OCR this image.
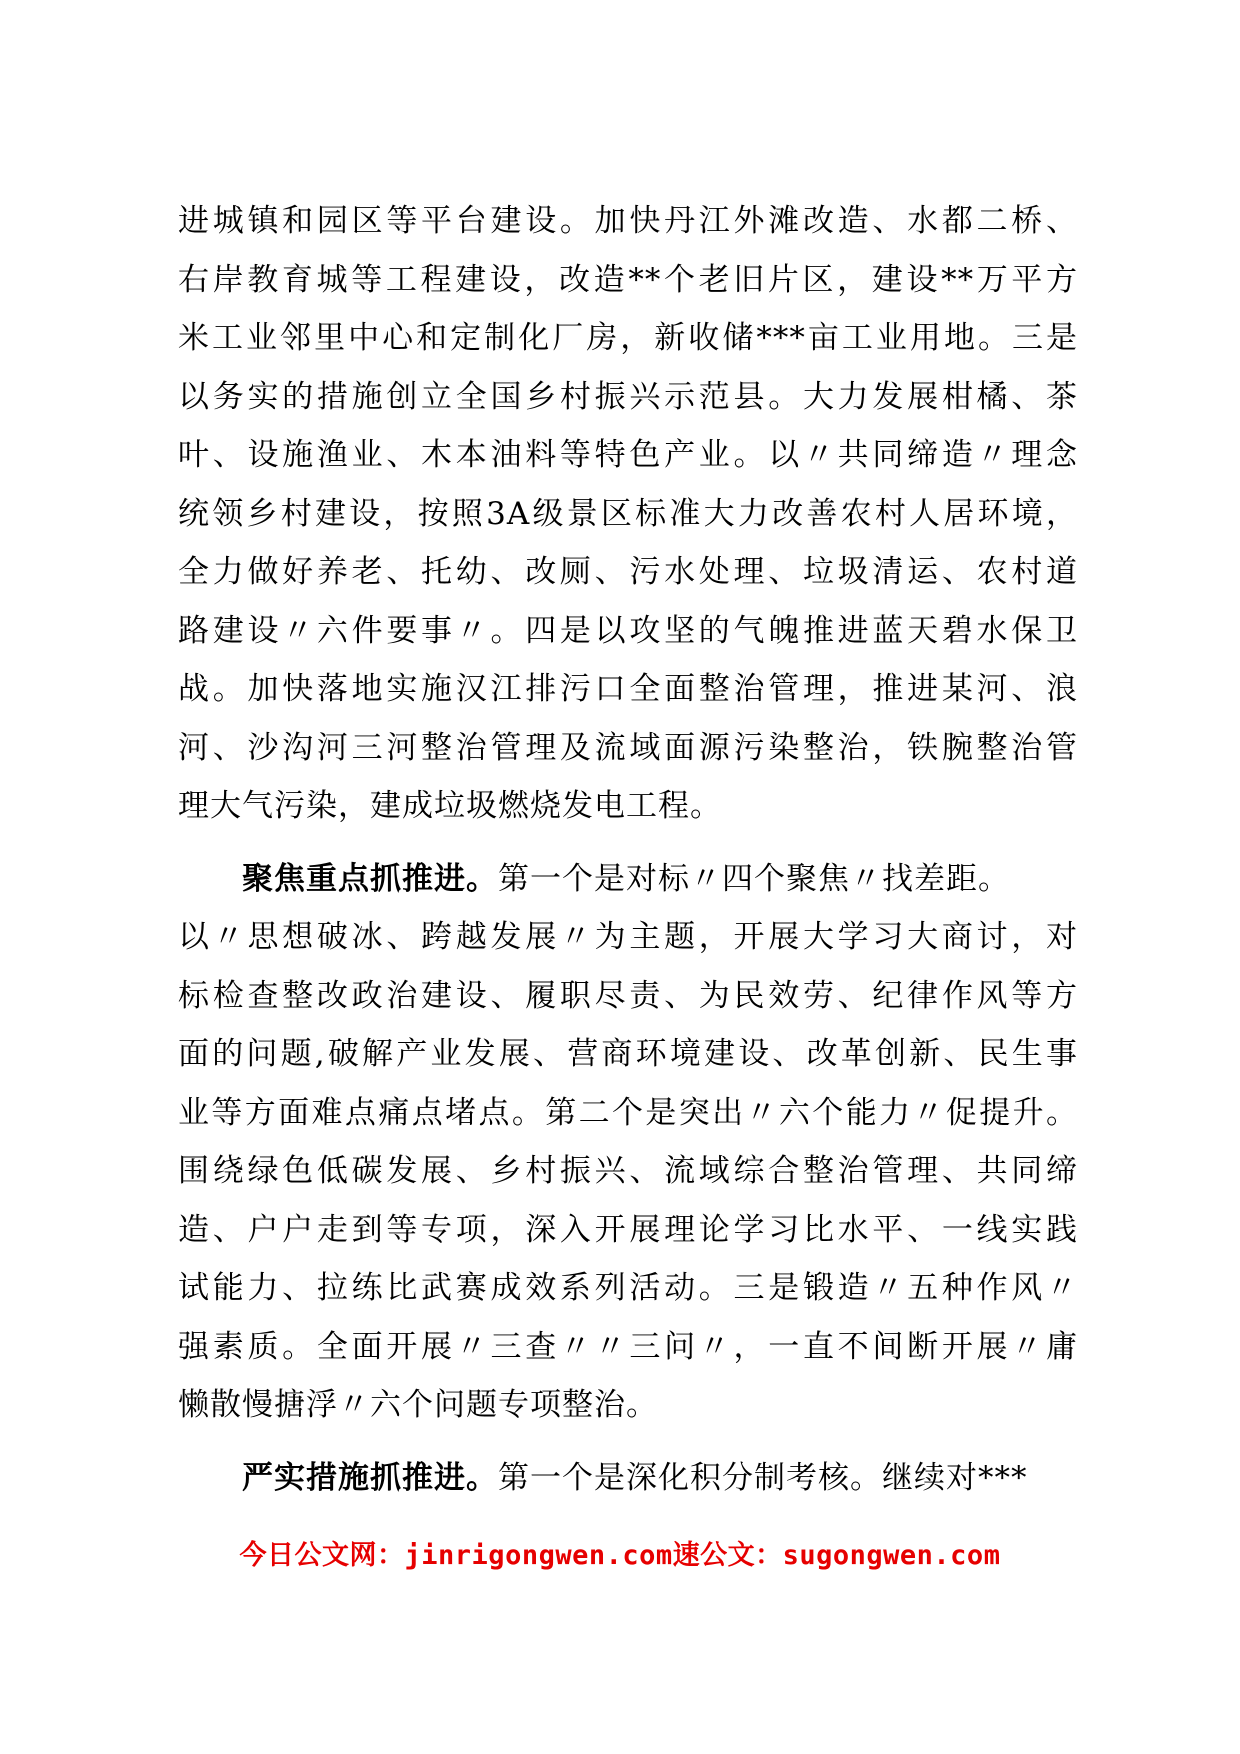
进城镇和园区等平台建设。加快丹江外滩改造、水都二桥、
右岸教育城等工程建设，改造**个老旧片区，建设**万平方
米工业邻里中心和定制化厂房，新收储***亩工业用地。三是
以务实的措施创立全国乡村振兴示范县。大力发展柑橘、茶
叶、设施渔业、木本油料等特色产业。以〃共同缔造〃理念
统领乡村建设，按照3A级景区标准大力改善农村人居环境，
全力做好养老、托幼、改厕、污水处理、垃圾清运、农村道
路建设〃六件要事〃。四是以攻坚的气魄推进蓝天碧水保卫
战。加快落地实施汉江排污口全面整治管理，推进某河、浪
河、沙沟河三河整治管理及流域面源污染整治，铁腕整治管
理大气污染，建成垃圾燃烧发电工程。
聚焦重点抓推进。第一个是对标〃四个聚焦〃找差距。
以〃思想破冰、跨越发展〃为主题，开展大学习大商讨，对
标检查整改政治建设、履职尽责、为民效劳、纪律作风等方
面的问题,破解产业发展、营商环境建设、改革创新、民生事
业等方面难点痛点堵点。第二个是突出〃六个能力〃促提升。
围绕绿色低碳发展、乡村振兴、流域综合整治管理、共同缔
造、户户走到等专项，深入开展理论学习比水平、一线实践
试能力、拉练比武赛成效系列活动。三是锻造〃五种作风〃
强素质。全面开展〃三查〃〃三问〃，一直不间断开展〃庸
懒散慢搪浮〃六个问题专项整治。
严实措施抓推进。第一个是深化积分制考核。继续对***
今日公文网：jinrigongwen.com速公文：sugongwen.com
